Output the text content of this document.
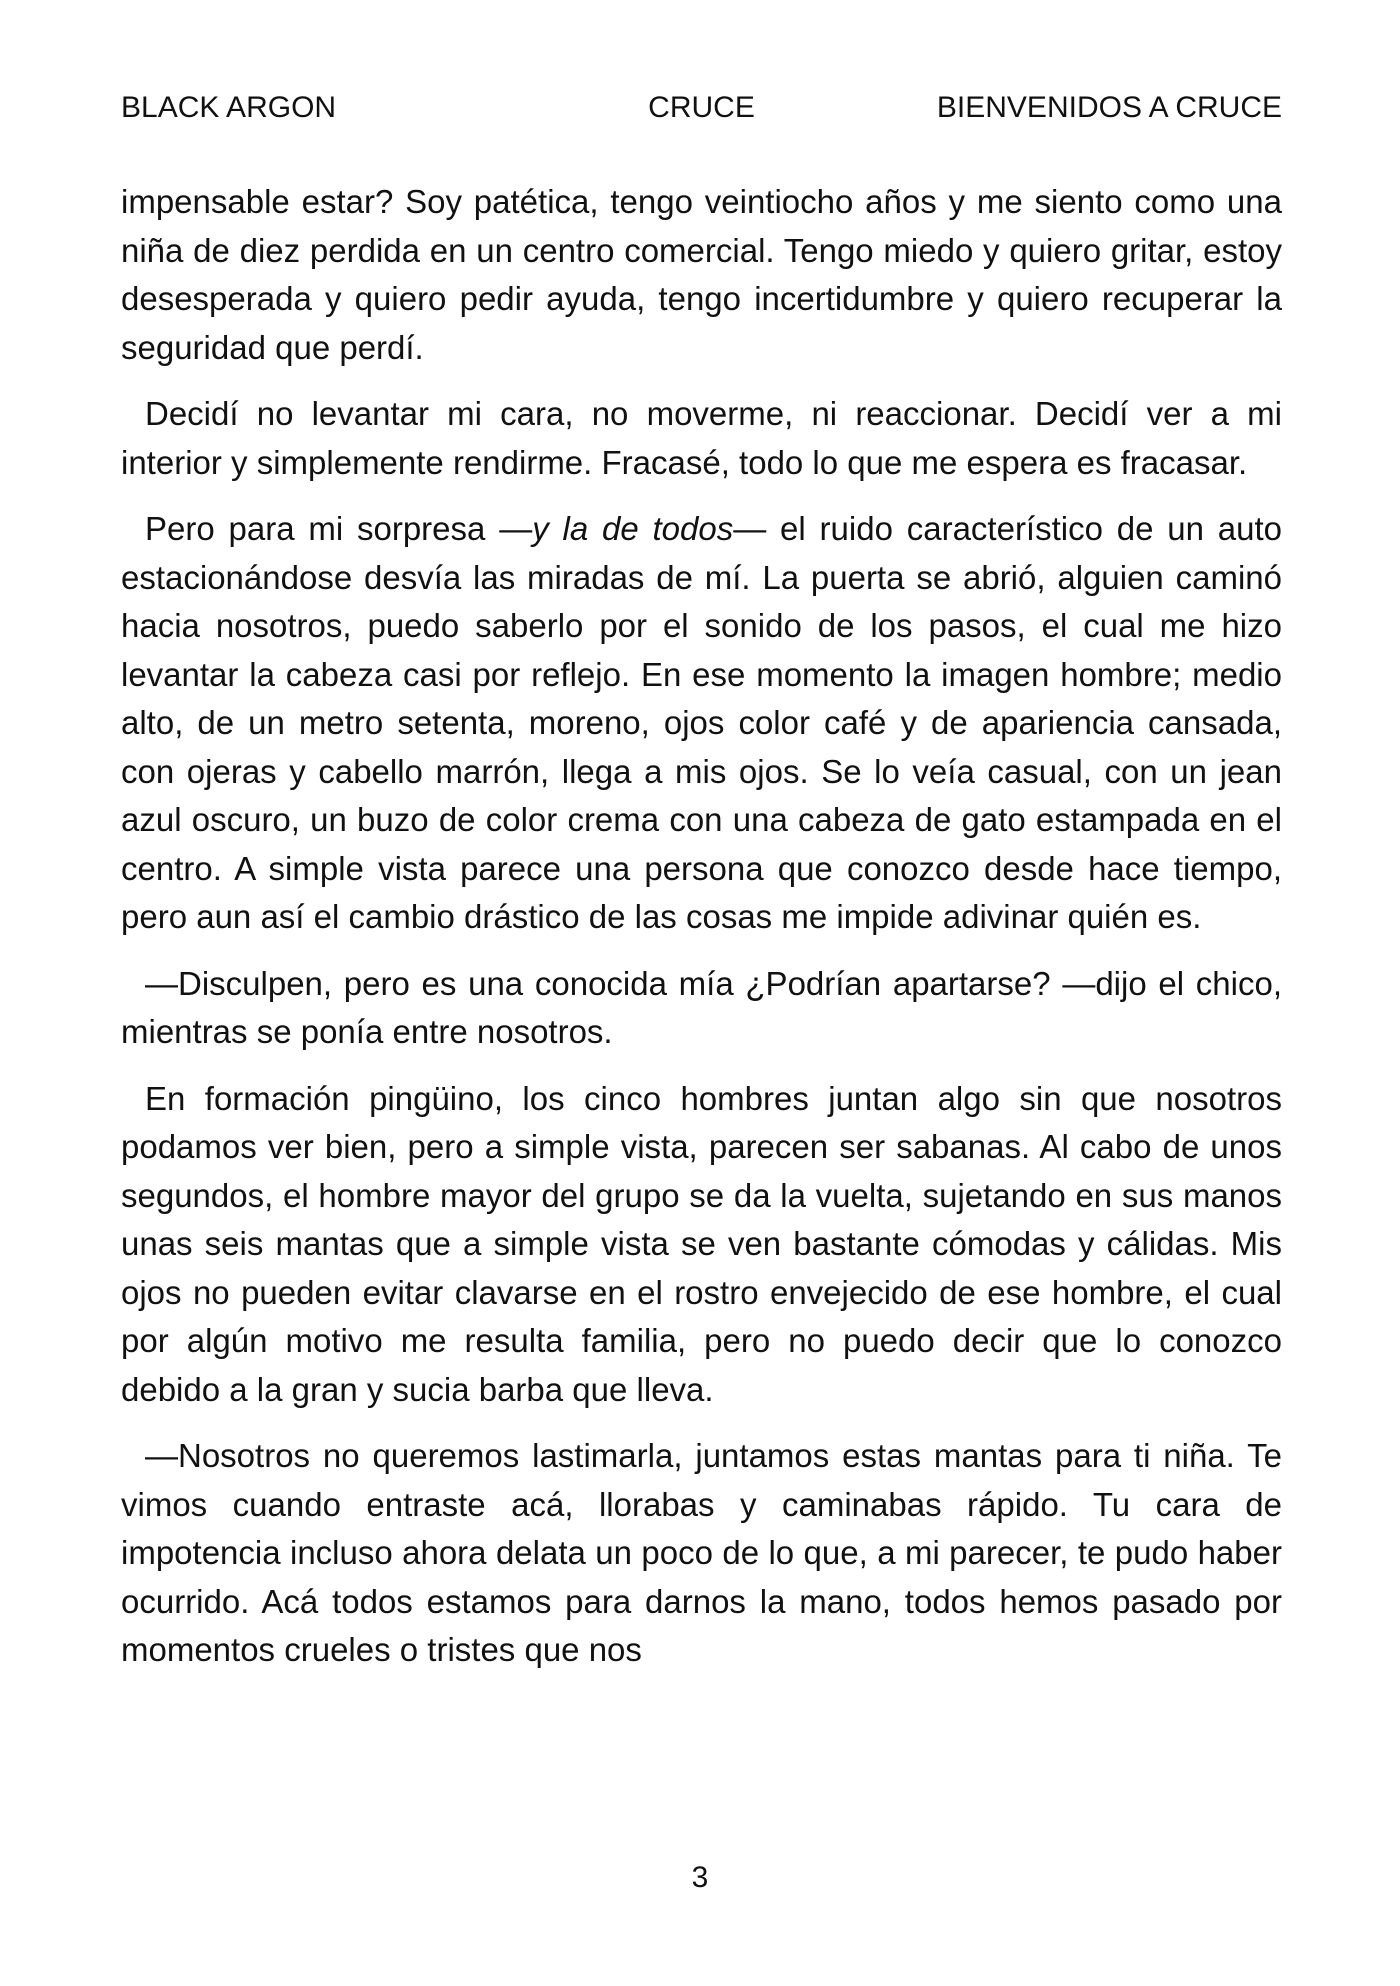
BLACK ARGON	CRUCE	BIENVENIDOS A CRUCE

impensable estar? Soy patética, tengo veintiocho años y me siento como una niña de diez perdida en un centro comercial. Tengo miedo y quiero gritar, estoy desesperada y quiero pedir ayuda, tengo incertidumbre y quiero recuperar la seguridad que perdí.

Decidí no levantar mi cara, no moverme, ni reaccionar. Decidí ver a mi interior y simplemente rendirme. Fracasé, todo lo que me espera es fracasar.

Pero para mi sorpresa —y la de todos— el ruido característico de un auto estacionándose desvía las miradas de mí. La puerta se abrió, alguien caminó hacia nosotros, puedo saberlo por el sonido de los pasos, el cual me hizo levantar la cabeza casi por reflejo. En ese momento la imagen hombre; medio alto, de un metro setenta, moreno, ojos color café y de apariencia cansada, con ojeras y cabello marrón, llega a mis ojos. Se lo veía casual, con un jean azul oscuro, un buzo de color crema con una cabeza de gato estampada en el centro. A simple vista parece una persona que conozco desde hace tiempo, pero aun así el cambio drástico de las cosas me impide adivinar quién es.

—Disculpen, pero es una conocida mía ¿Podrían apartarse? —dijo el chico, mientras se ponía entre nosotros.

En formación pingüino, los cinco hombres juntan algo sin que nosotros podamos ver bien, pero a simple vista, parecen ser sabanas. Al cabo de unos segundos, el hombre mayor del grupo se da la vuelta, sujetando en sus manos unas seis mantas que a simple vista se ven bastante cómodas y cálidas. Mis ojos no pueden evitar clavarse en el rostro envejecido de ese hombre, el cual por algún motivo me resulta familia, pero no puedo decir que lo conozco debido a la gran y sucia barba que lleva.

—Nosotros no queremos lastimarla, juntamos estas mantas para ti niña. Te vimos cuando entraste acá, llorabas y caminabas rápido. Tu cara de impotencia incluso ahora delata un poco de lo que, a mi parecer, te pudo haber ocurrido. Acá todos estamos para darnos la mano, todos hemos pasado por momentos crueles o tristes que nos

3
